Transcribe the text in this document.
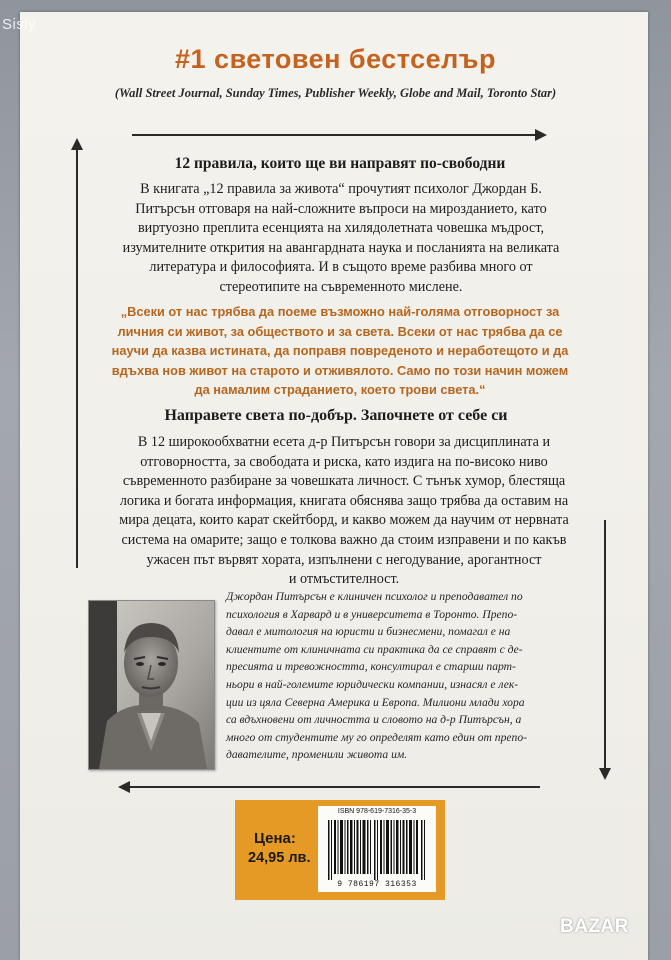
Sisly
#1 световен бестселър
(Wall Street Journal, Sunday Times, Publisher Weekly, Globe and Mail, Toronto Star)
12 правила, които ще ви направят по-свободни
В книгата „12 правила за живота“ прочутият психолог Джордан Б.
Питърсън отговаря на най-сложните въпроси на мирозданието, като
виртуозно преплита есенцията на хилядолетната човешка мъдрост,
изумителните открития на авангардната наука и посланията на великата
литература и философията. И в същото време разбива много от
стереотипите на съвременното мислене.
„Всеки от нас трябва да поеме възможно най-голяма отговорност за
личния си живот, за обществото и за света. Всеки от нас трябва да се
научи да казва истината, да поправя повреденото и неработещото и да
вдъхва нов живот на старото и отживялото. Само по този начин можем
да намалим страданието, което трови света.“
Направете света по-добър. Започнете от себе си
В 12 широкообхватни есета д-р Питърсън говори за дисциплината и
отговорността, за свободата и риска, като издига на по-високо ниво
съвременното разбиране за човешката личност. С тънък хумор, блестяща
логика и богата информация, книгата обяснява защо трябва да оставим на
мира децата, които карат скейтборд, и какво можем да научим от нервната
система на омарите; защо е толкова важно да стоим изправени и по какъв
ужасен път вървят хората, изпълнени с негодувание, арогантност
и отмъстителност.
Джордан Питърсън е клиничен психолог и преподавател по
психология в Харвард и в университета в Торонто. Препо-
давал е митология на юристи и бизнесмени, помагал е на
клиентите от клиничната си практика да се справят с де-
пресията и тревожността, консултирал е старши парт-
ньори в най-големите юридически компании, изнасял е лек-
ции из цяла Северна Америка и Европа. Милиони млади хора
са вдъхновени от личността и словото на д-р Питърсън, а
много от студентите му го определят като един от препо-
давателите, променили живота им.
Цена:
24,95 лв.
ISBN 978-619-7316-35-3
9 786197 316353
BAZAR
